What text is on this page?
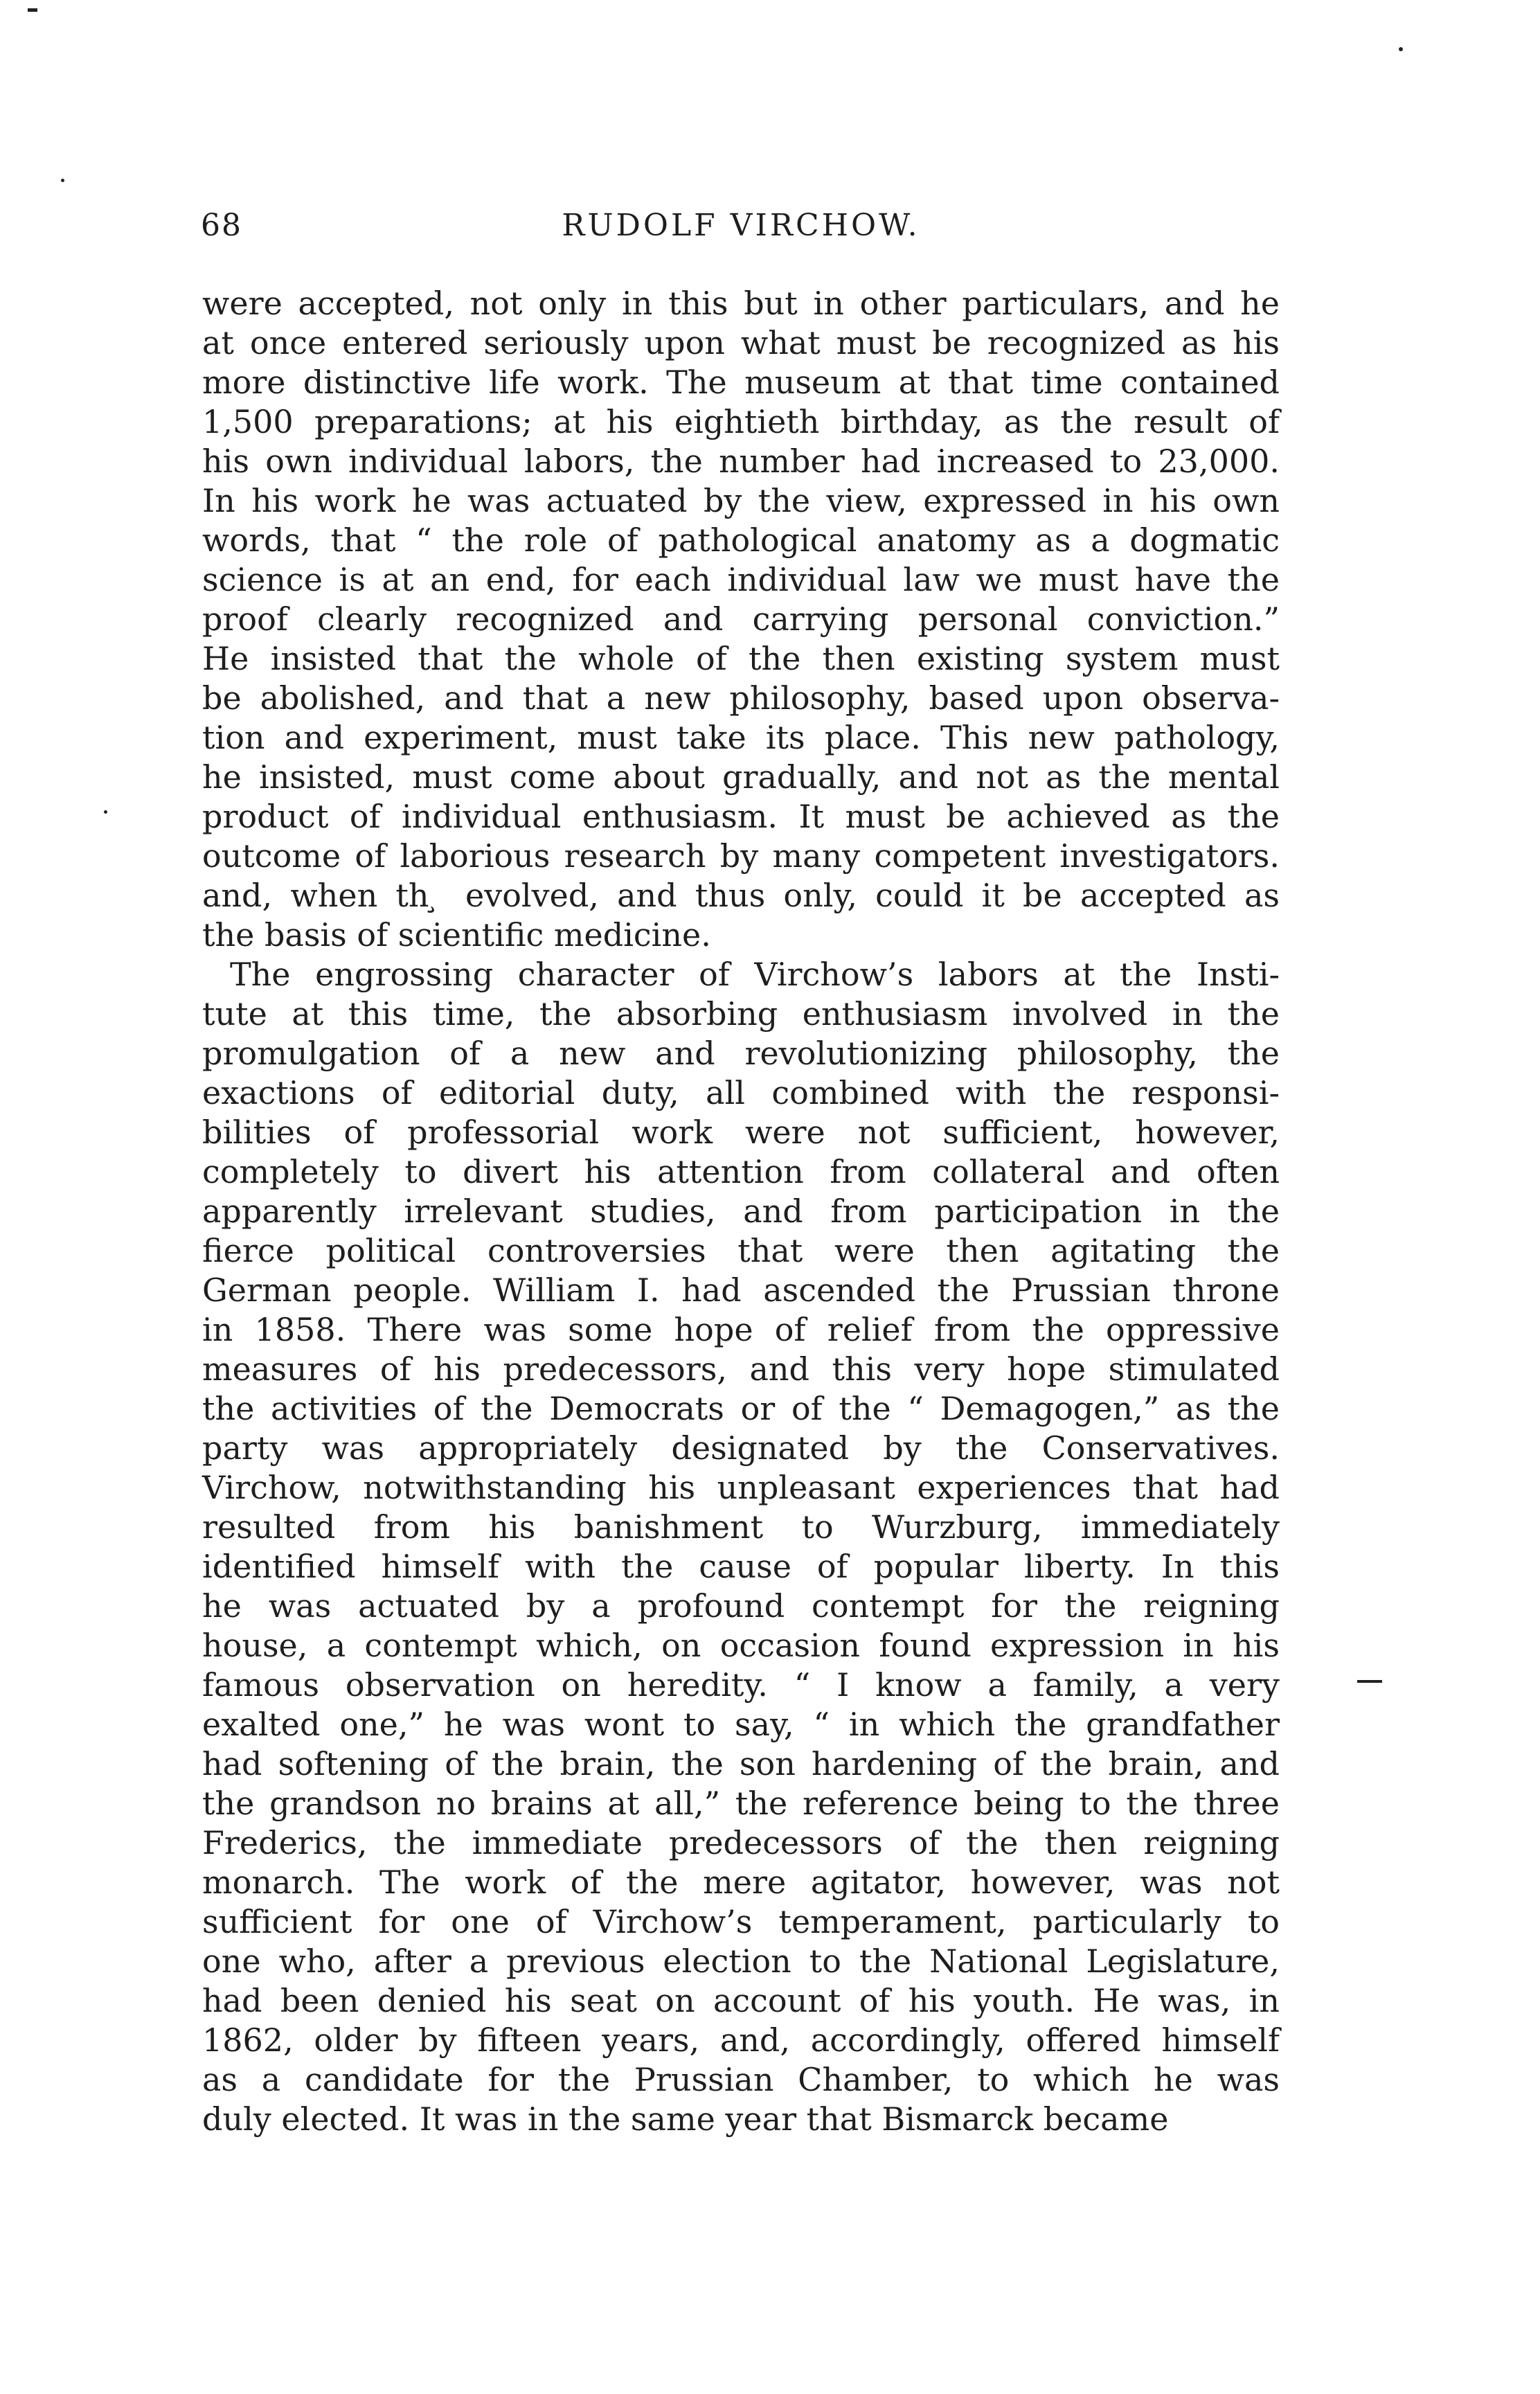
68	RUDOLF VIRCHOW.

were accepted, not only in this but in other particulars, and he
at once entered seriously upon what must be recognized as his
more distinctive life work. The museum at that time contained
1,500 preparations; at his eightieth birthday, as the result of
his own individual labors, the number had increased to 23,000.
In his work he was actuated by the view, expressed in his own
words, that “ the role of pathological anatomy as a dogmatic
science is at an end, for each individual law we must have the
proof clearly recognized and carrying personal conviction.”
He insisted that the whole of the then existing system must
be abolished, and that a new philosophy, based upon observa-
tion and experiment, must take its place. This new pathology,
he insisted, must come about gradually, and not as the mental
product of individual enthusiasm. It must be achieved as the
outcome of laborious research by many competent investigators.
and, when th ̧ evolved, and thus only, could it be accepted as
the basis of scientific medicine.

The engrossing character of Virchow’s labors at the Insti-
tute at this time, the absorbing enthusiasm involved in the
promulgation of a new and revolutionizing philosophy, the
exactions of editorial duty, all combined with the responsi-
bilities of professorial work were not sufficient, however,
completely to divert his attention from collateral and often
apparently irrelevant studies, and from participation in the
fierce political controversies that were then agitating the
German people. William I. had ascended the Prussian throne
in 1858. There was some hope of relief from the oppressive
measures of his predecessors, and this very hope stimulated
the activities of the Democrats or of the “ Demagogen,” as the
party was appropriately designated by the Conservatives.
Virchow, notwithstanding his unpleasant experiences that had
resulted from his banishment to Wurzburg, immediately
identified himself with the cause of popular liberty. In this
he was actuated by a profound contempt for the reigning
house, a contempt which, on occasion found expression in his
famous observation on heredity. “ I know a family, a very
exalted one,” he was wont to say, “ in which the grandfather
had softening of the brain, the son hardening of the brain, and
the grandson no brains at all,” the reference being to the three
Frederics, the immediate predecessors of the then reigning
monarch. The work of the mere agitator, however, was not
sufficient for one of Virchow’s temperament, particularly to
one who, after a previous election to the National Legislature,
had been denied his seat on account of his youth. He was, in
1862, older by fifteen years, and, accordingly, offered himself
as a candidate for the Prussian Chamber, to which he was
duly elected. It was in the same year that Bismarck became
